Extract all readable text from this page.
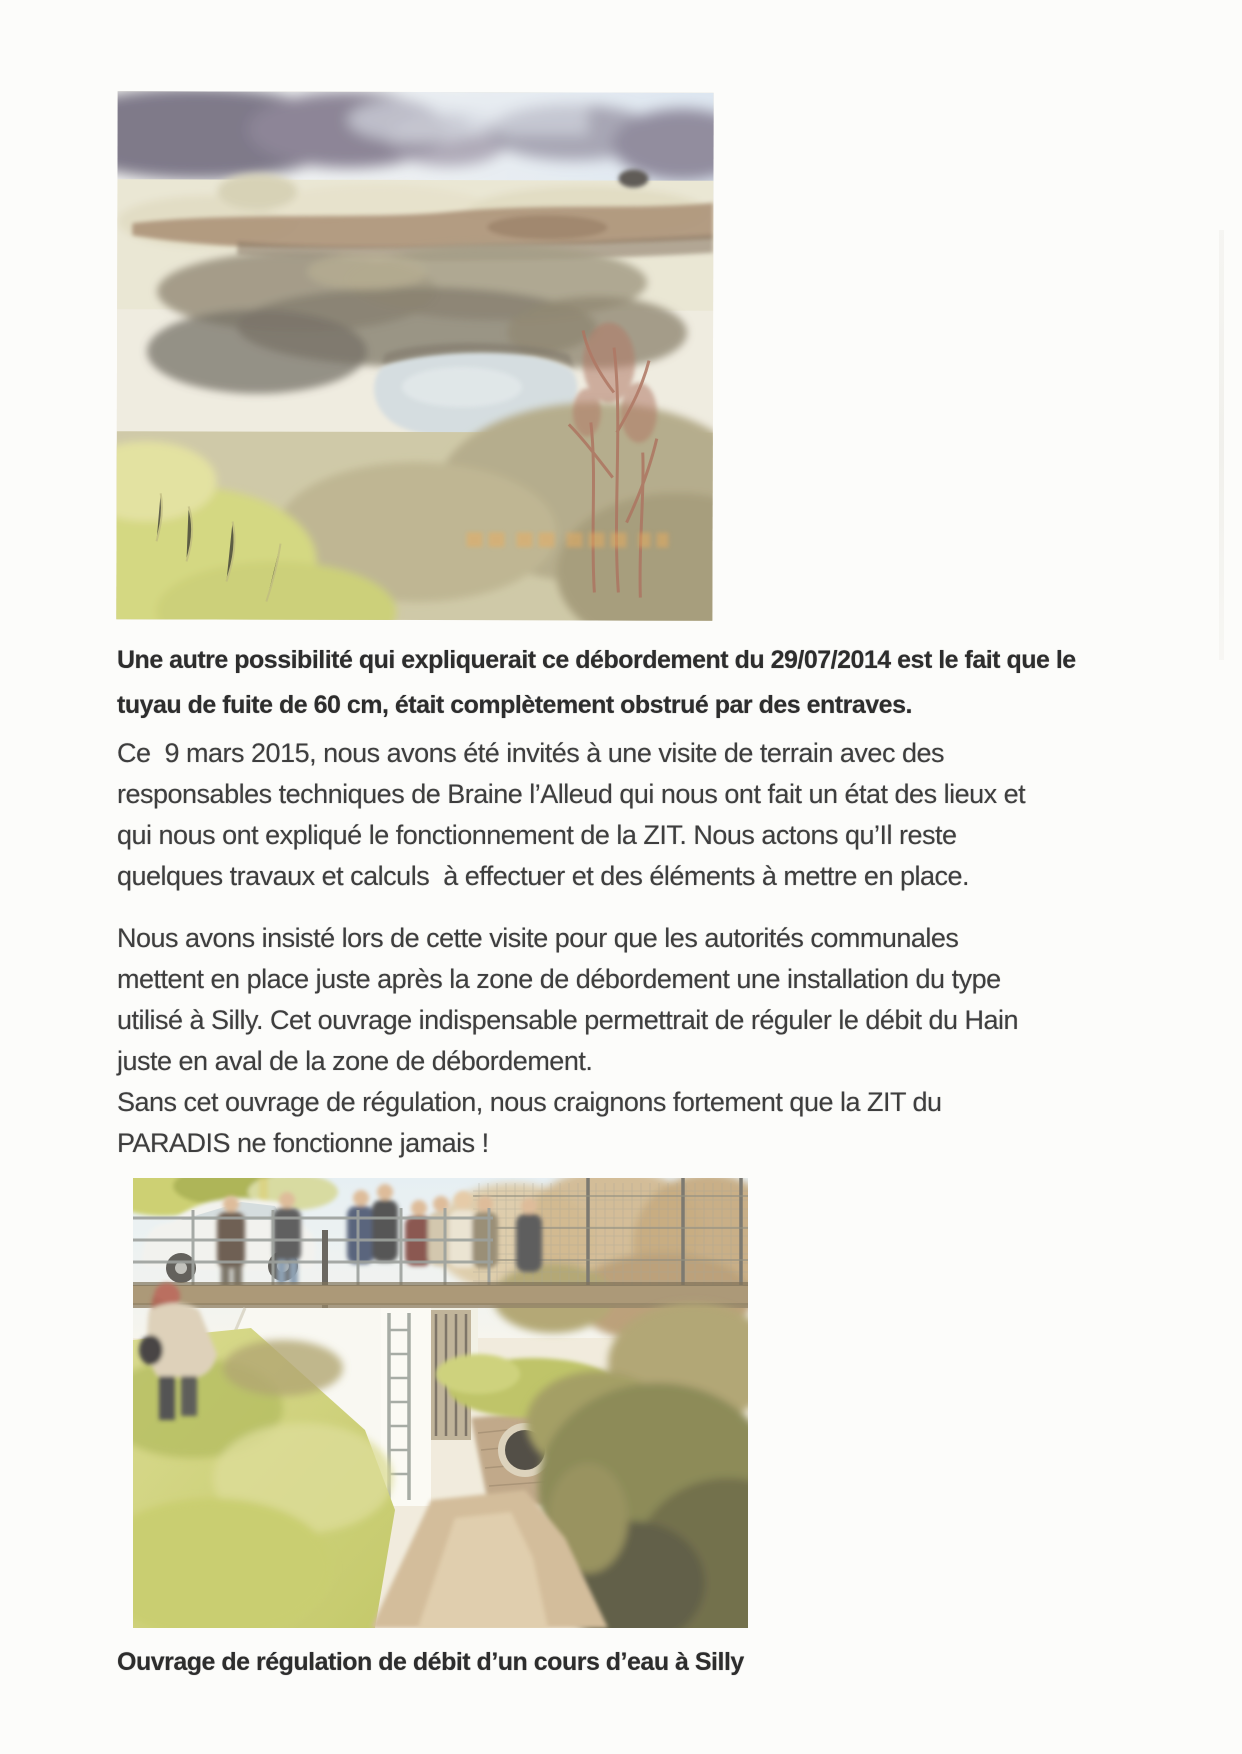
Une autre possibilité qui expliquerait ce débordement du 29/07/2014 est le fait que le
tuyau de fuite de 60 cm, était complètement obstrué par des entraves.
Ce  9 mars 2015, nous avons été invités à une visite de terrain avec des
responsables techniques de Braine l’Alleud qui nous ont fait un état des lieux et
qui nous ont expliqué le fonctionnement de la ZIT. Nous actons qu’Il reste
quelques travaux et calculs  à effectuer et des éléments à mettre en place.
Nous avons insisté lors de cette visite pour que les autorités communales
mettent en place juste après la zone de débordement une installation du type
utilisé à Silly. Cet ouvrage indispensable permettrait de réguler le débit du Hain
juste en aval de la zone de débordement.
Sans cet ouvrage de régulation, nous craignons fortement que la ZIT du
PARADIS ne fonctionne jamais !
Ouvrage de régulation de débit d’un cours d’eau à Silly
